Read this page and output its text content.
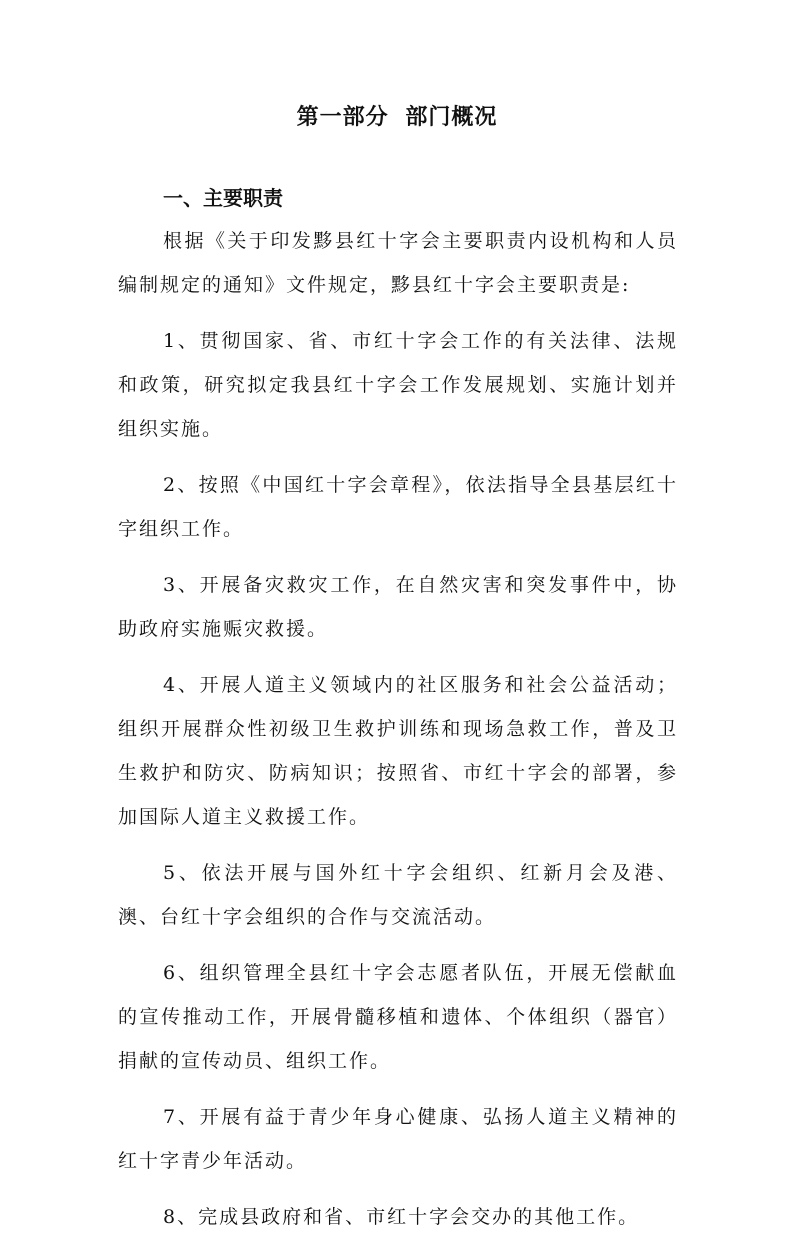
第一部分 部门概况
一、主要职责

根据《关于印发黟县红十字会主要职责内设机构和人员编制规定的通知》文件规定，黟县红十字会主要职责是:

1、贯彻国家、省、市红十字会工作的有关法律、法规和政策，研究拟定我县红十字会工作发展规划、实施计划并组织实施。

2、按照《中国红十字会章程》，依法指导全县基层红十字组织工作。

3、开展备灾救灾工作，在自然灾害和突发事件中，协助政府实施赈灾救援。

4、开展人道主义领域内的社区服务和社会公益活动；组织开展群众性初级卫生救护训练和现场急救工作，普及卫生救护和防灾、防病知识；按照省、市红十字会的部署，参加国际人道主义救援工作。

5、依法开展与国外红十字会组织、红新月会及港、澳、台红十字会组织的合作与交流活动。

6、组织管理全县红十字会志愿者队伍，开展无偿献血的宣传推动工作，开展骨髓移植和遗体、个体组织（器官）捐献的宣传动员、组织工作。

7、开展有益于青少年身心健康、弘扬人道主义精神的红十字青少年活动。

8、完成县政府和省、市红十字会交办的其他工作。
